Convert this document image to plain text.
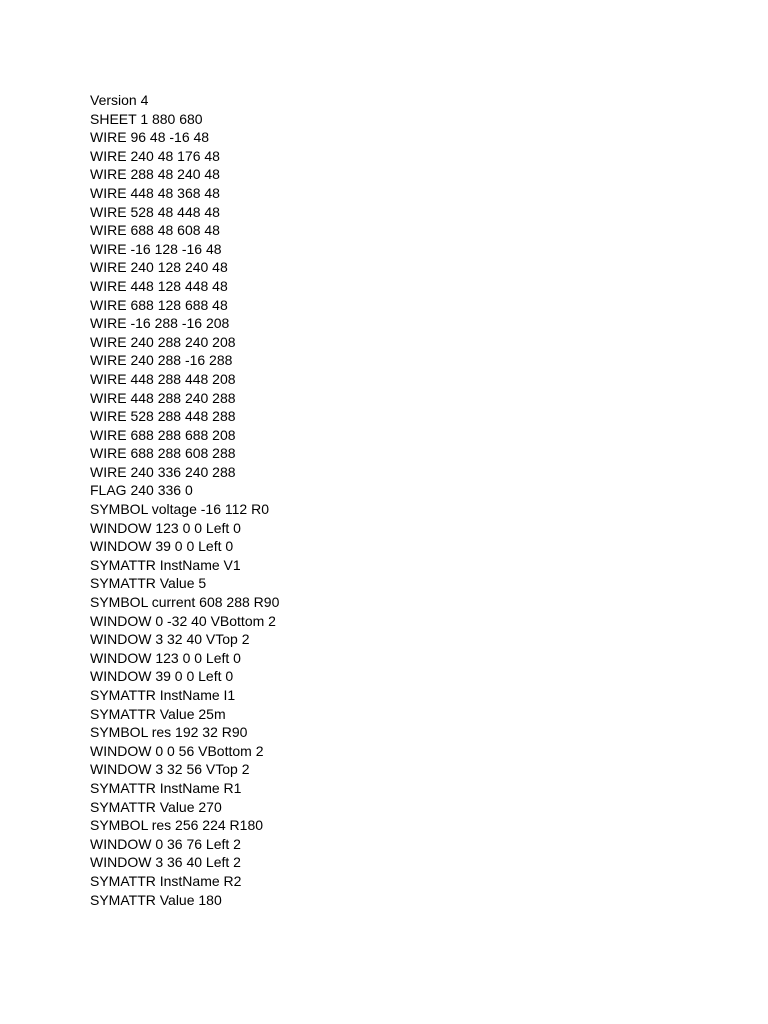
Version 4
SHEET 1 880 680
WIRE 96 48 -16 48
WIRE 240 48 176 48
WIRE 288 48 240 48
WIRE 448 48 368 48
WIRE 528 48 448 48
WIRE 688 48 608 48
WIRE -16 128 -16 48
WIRE 240 128 240 48
WIRE 448 128 448 48
WIRE 688 128 688 48
WIRE -16 288 -16 208
WIRE 240 288 240 208
WIRE 240 288 -16 288
WIRE 448 288 448 208
WIRE 448 288 240 288
WIRE 528 288 448 288
WIRE 688 288 688 208
WIRE 688 288 608 288
WIRE 240 336 240 288
FLAG 240 336 0
SYMBOL voltage -16 112 R0
WINDOW 123 0 0 Left 0
WINDOW 39 0 0 Left 0
SYMATTR InstName V1
SYMATTR Value 5
SYMBOL current 608 288 R90
WINDOW 0 -32 40 VBottom 2
WINDOW 3 32 40 VTop 2
WINDOW 123 0 0 Left 0
WINDOW 39 0 0 Left 0
SYMATTR InstName I1
SYMATTR Value 25m
SYMBOL res 192 32 R90
WINDOW 0 0 56 VBottom 2
WINDOW 3 32 56 VTop 2
SYMATTR InstName R1
SYMATTR Value 270
SYMBOL res 256 224 R180
WINDOW 0 36 76 Left 2
WINDOW 3 36 40 Left 2
SYMATTR InstName R2
SYMATTR Value 180
